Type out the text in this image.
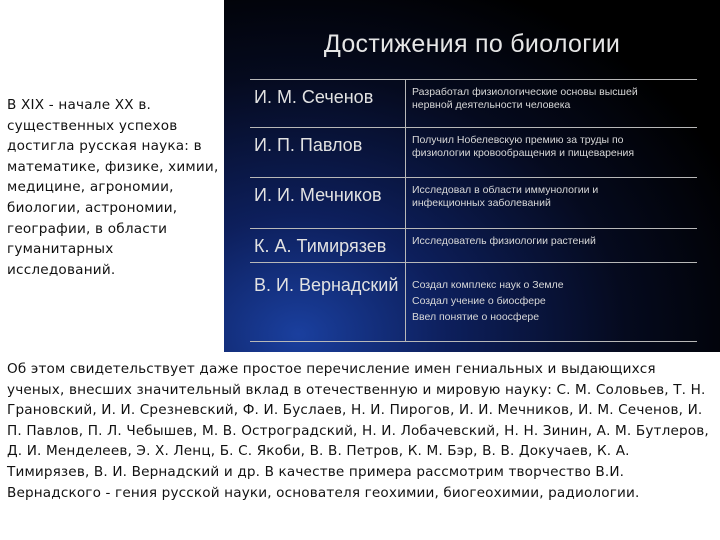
В XIX - начале XX в. существенных успехов достигла русская наука: в математике, физике, химии, медицине, агрономии, биологии, астрономии, географии, в области гуманитарных исследований.
Достижения по биологии
И. М. Сеченов	Разработал физиологические основы высшей
нервной деятельности человека

И. П. Павлов	Получил Нобелевскую премию за труды по
физиологии кровообращения и пищеварения

И. И. Мечников	Исследовал в области иммунологии и
инфекционных заболеваний

К. А. Тимирязев	Исследователь физиологии растений

В. И. Вернадский	Создал комплекс наук о Земле
Создал учение о биосфере
Ввел понятие о ноосфере
Об этом свидетельствует даже простое перечисление имен гениальных и выдающихся ученых, внесших значительный вклад в отечественную и мировую науку: С. М. Соловьев, Т. Н. Грановский, И. И. Срезневский, Ф. И. Буслаев, Н. И. Пирогов, И. И. Мечников, И. М. Сеченов, И. П. Павлов, П. Л. Чебышев, М. В. Остроградский, Н. И. Лобачевский, Н. Н. Зинин, А. М. Бутлеров, Д. И. Менделеев, Э. Х. Ленц, Б. С. Якоби, В. В. Петров, К. М. Бэр, В. В. Докучаев, К. А. Тимирязев, В. И. Вернадский и др. В качестве примера рассмотрим творчество В.И. Вернадского - гения русской науки, основателя геохимии, биогеохимии, радиологии.
